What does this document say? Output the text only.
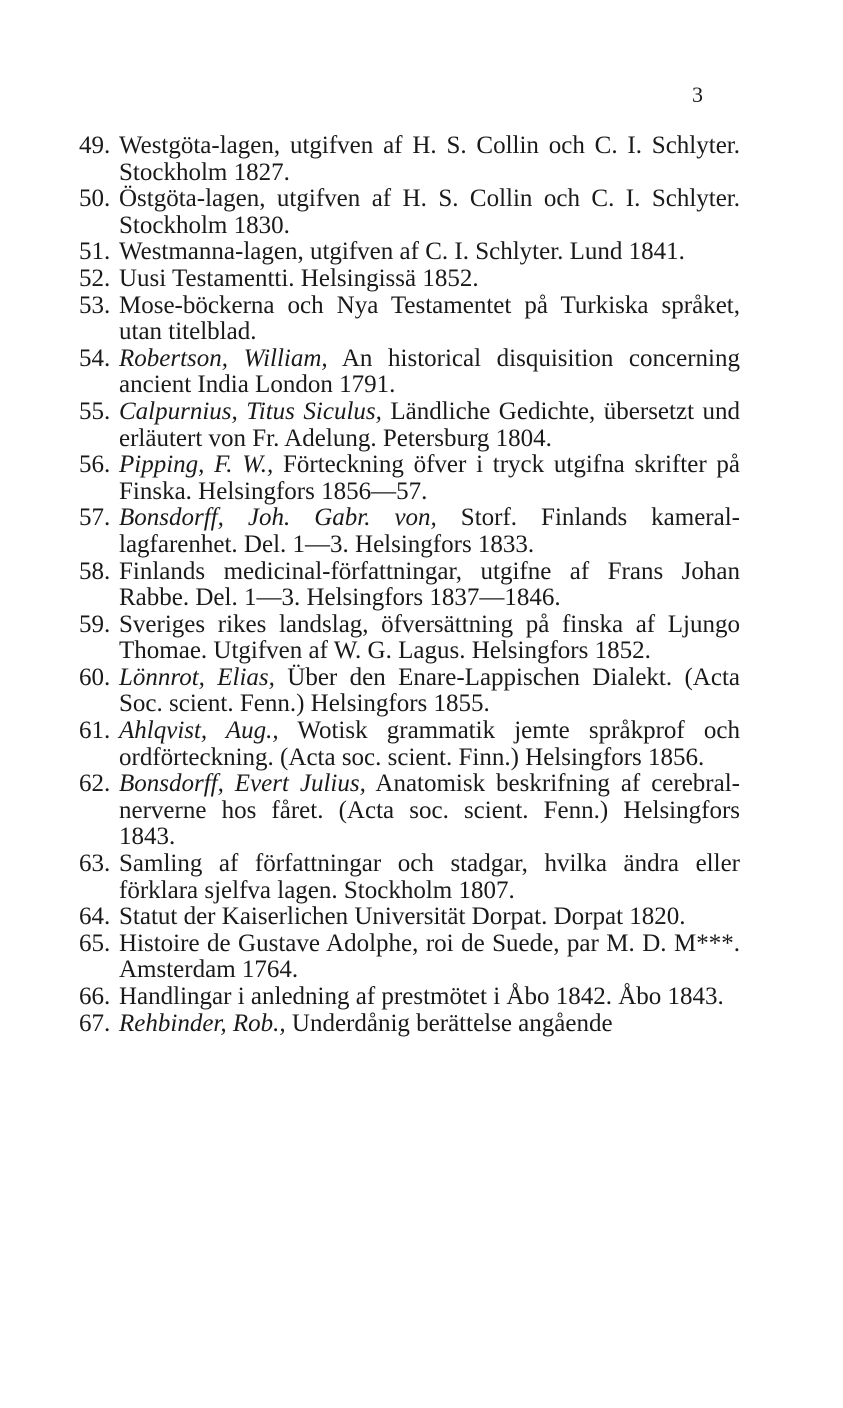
3
49. Westgöta-lagen, utgifven af H. S. Collin och C. I. Schlyter. Stockholm 1827.
50. Östgöta-lagen, utgifven af H. S. Collin och C. I. Schlyter. Stockholm 1830.
51. Westmanna-lagen, utgifven af C. I. Schlyter. Lund 1841.
52. Uusi Testamentti. Helsingissä 1852.
53. Mose-böckerna och Nya Testamentet på Turkiska språket, utan titelblad.
54. Robertson, William, An historical disquisition concerning ancient India London 1791.
55. Calpurnius, Titus Siculus, Ländliche Gedichte, übersetzt und erläutert von Fr. Adelung. Petersburg 1804.
56. Pipping, F. W., Förteckning öfver i tryck utgifna skrifter på Finska. Helsingfors 1856—57.
57. Bonsdorff, Joh. Gabr. von, Storf. Finlands kameral-lagfarenhet. Del. 1—3. Helsingfors 1833.
58. Finlands medicinal-författningar, utgifne af Frans Johan Rabbe. Del. 1—3. Helsingfors 1837—1846.
59. Sveriges rikes landslag, öfversättning på finska af Ljungo Thomae. Utgifven af W. G. Lagus. Helsingfors 1852.
60. Lönnrot, Elias, Über den Enare-Lappischen Dialekt. (Acta Soc. scient. Fenn.) Helsingfors 1855.
61. Ahlqvist, Aug., Wotisk grammatik jemte språkprof och ordförteckning. (Acta soc. scient. Finn.) Helsingfors 1856.
62. Bonsdorff, Evert Julius, Anatomisk beskrifning af cerebral-nerverne hos fåret. (Acta soc. scient. Fenn.) Helsingfors 1843.
63. Samling af författningar och stadgar, hvilka ändra eller förklara sjelfva lagen. Stockholm 1807.
64. Statut der Kaiserlichen Universität Dorpat. Dorpat 1820.
65. Histoire de Gustave Adolphe, roi de Suede, par M. D. M***. Amsterdam 1764.
66. Handlingar i anledning af prestmötet i Åbo 1842. Åbo 1843.
67. Rehbinder, Rob., Underdånig berättelse angående
